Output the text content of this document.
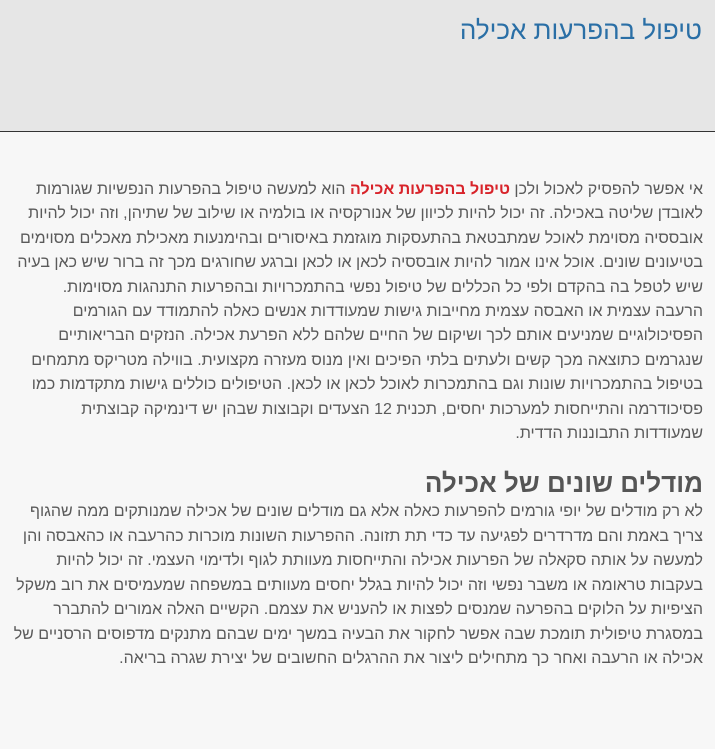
טיפול בהפרעות אכילה

אי אפשר להפסיק לאכול ולכן טיפול בהפרעות אכילה הוא למעשה טיפול בהפרעות הנפשיות שגורמות לאובדן שליטה באכילה. זה יכול להיות לכיוון של אנורקסיה או בולמיה או שילוב של שתיהן, וזה יכול להיות אובססיה מסוימת לאוכל שמתבטאת בהתעסקות מוגזמת באיסורים ובהימנעות מאכילת מאכלים מסוימים בטיעונים שונים. אוכל אינו אמור להיות אובססיה לכאן או לכאן וברגע שחורגים מכך זה ברור שיש כאן בעיה שיש לטפל בה בהקדם ולפי כל הכללים של טיפול נפשי בהתמכרויות ובהפרעות התנהגות מסוימות. הרעבה עצמית או האבסה עצמית מחייבות גישות שמעודדות אנשים כאלה להתמודד עם הגורמים הפסיכולוגיים שמניעים אותם לכך ושיקום של החיים שלהם ללא הפרעת אכילה. הנזקים הבריאותיים שנגרמים כתוצאה מכך קשים ולעתים בלתי הפיכים ואין מנוס מעזרה מקצועית. בווילה מטריקס מתמחים בטיפול בהתמכרויות שונות וגם בהתמכרות לאוכל לכאן או לכאן. הטיפולים כוללים גישות מתקדמות כמו פסיכודרמה והתייחסות למערכות יחסים, תכנית 12 הצעדים וקבוצות שבהן יש דינמיקה קבוצתית שמעודדות התבוננות הדדית.

מודלים שונים של אכילה

לא רק מודלים של יופי גורמים להפרעות כאלה אלא גם מודלים שונים של אכילה שמנותקים ממה שהגוף צריך באמת והם מדרדרים לפגיעה עד כדי תת תזונה. ההפרעות השונות מוכרות כהרעבה או כהאבסה והן למעשה על אותה סקאלה של הפרעות אכילה והתייחסות מעוותת לגוף ולדימוי העצמי. זה יכול להיות בעקבות טראומה או משבר נפשי וזה יכול להיות בגלל יחסים מעוותים במשפחה שמעמיסים את רוב משקל הציפיות על הלוקים בהפרעה שמנסים לפצות או להעניש את עצמם. הקשיים האלה אמורים להתברר במסגרת טיפולית תומכת שבה אפשר לחקור את הבעיה במשך ימים שבהם מתנקים מדפוסים הרסניים של אכילה או הרעבה ואחר כך מתחילים ליצור את ההרגלים החשובים של יצירת שגרה בריאה.
